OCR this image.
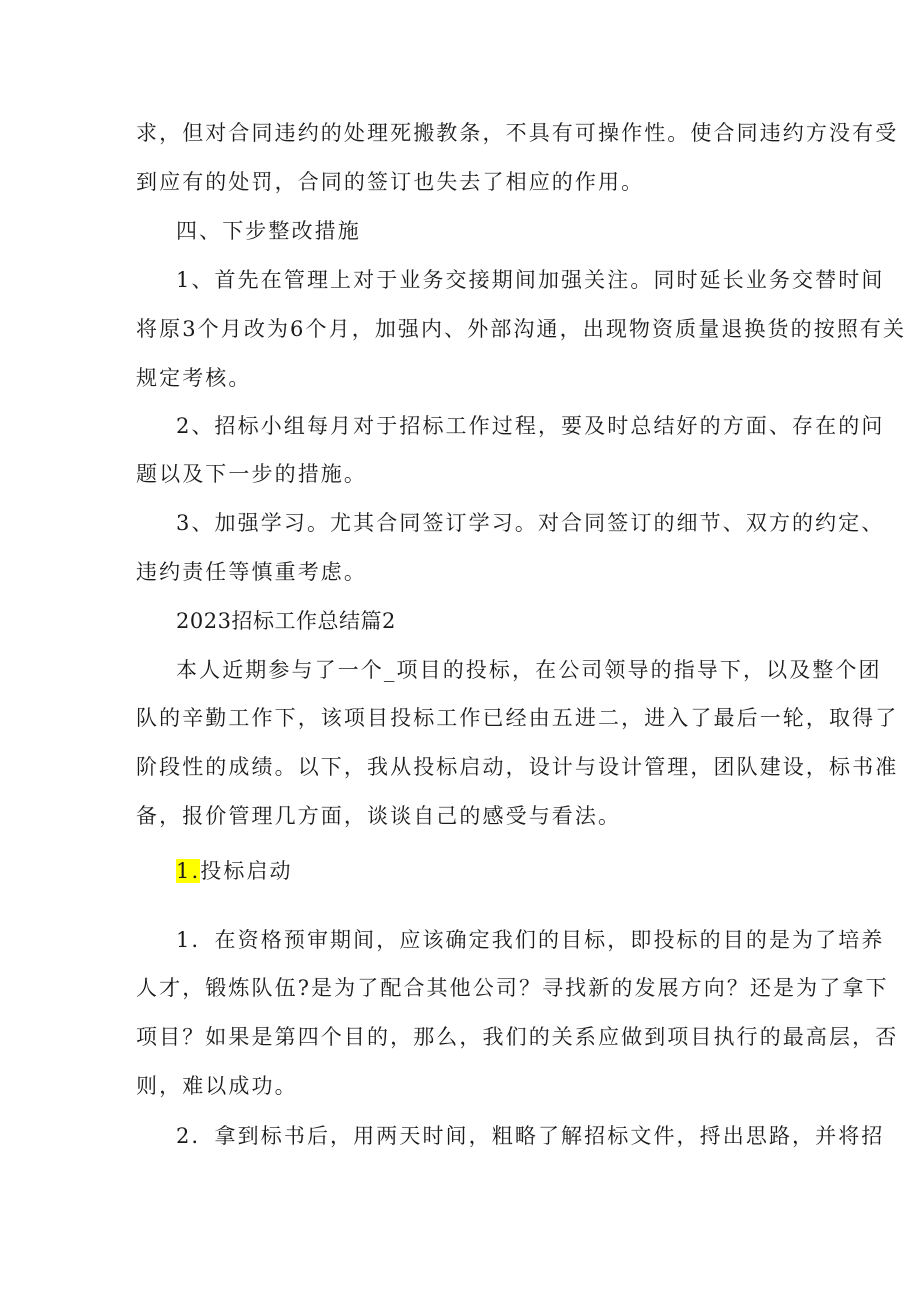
求，但对合同违约的处理死搬教条，不具有可操作性。使合同违约方没有受
到应有的处罚，合同的签订也失去了相应的作用。
四、下步整改措施
1、首先在管理上对于业务交接期间加强关注。同时延长业务交替时间
将原3个月改为6个月，加强内、外部沟通，出现物资质量退换货的按照有关
规定考核。
2、招标小组每月对于招标工作过程，要及时总结好的方面、存在的问
题以及下一步的措施。
3、加强学习。尤其合同签订学习。对合同签订的细节、双方的约定、
违约责任等慎重考虑。
2023招标工作总结篇2
本人近期参与了一个_项目的投标，在公司领导的指导下，以及整个团
队的辛勤工作下，该项目投标工作已经由五进二，进入了最后一轮，取得了
阶段性的成绩。以下，我从投标启动，设计与设计管理，团队建设，标书准
备，报价管理几方面，谈谈自己的感受与看法。
1.投标启动
1．在资格预审期间，应该确定我们的目标，即投标的目的是为了培养
人才，锻炼队伍?是为了配合其他公司？寻找新的发展方向？还是为了拿下
项目？如果是第四个目的，那么，我们的关系应做到项目执行的最高层，否
则，难以成功。
2．拿到标书后，用两天时间，粗略了解招标文件，捋出思路，并将招
